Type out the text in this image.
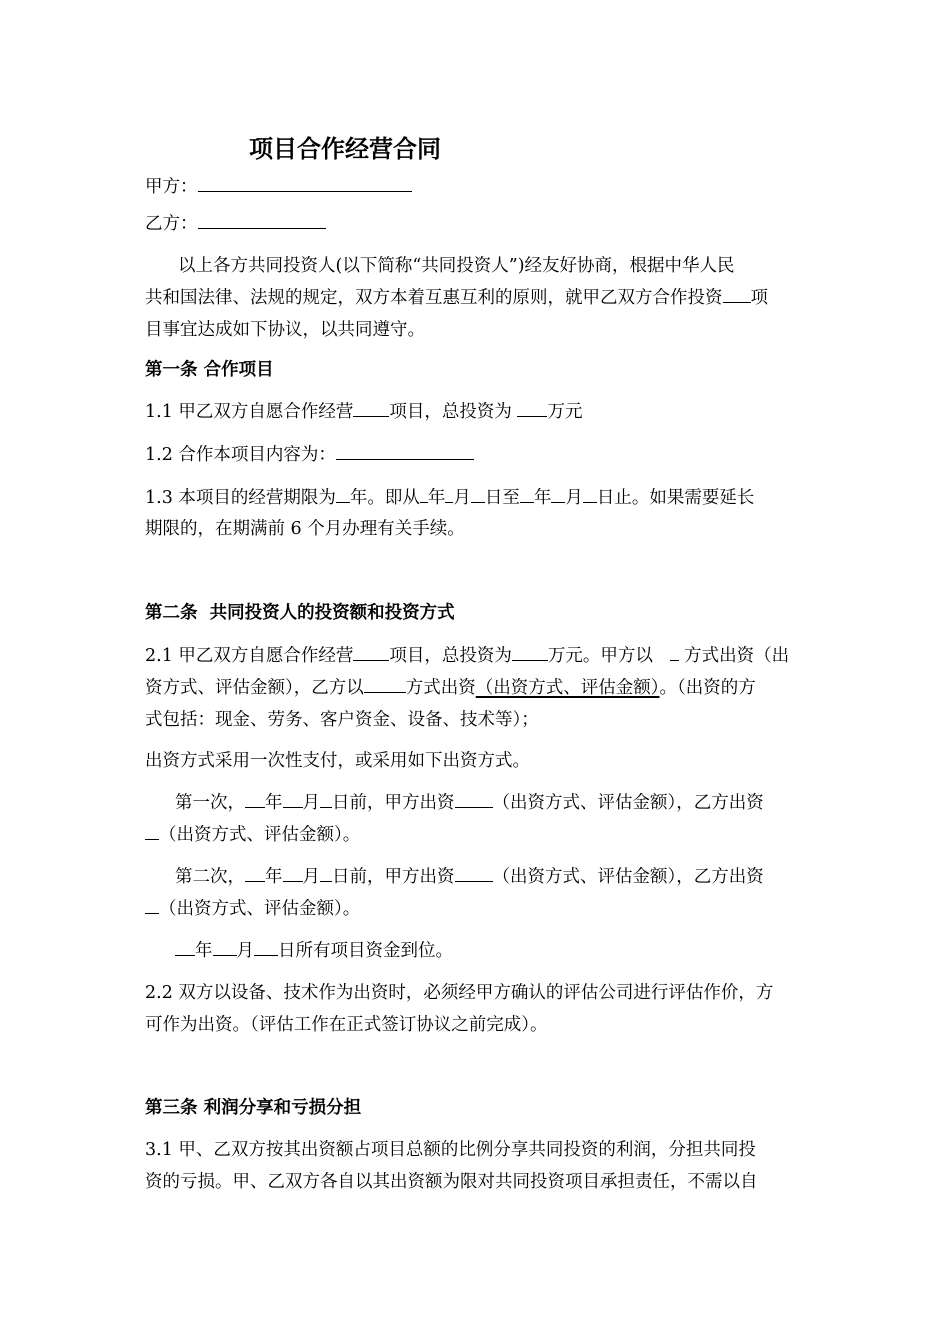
项目合作经营合同
甲方：
乙方：
以上各方共同投资人(以下简称“共同投资人”)经友好协商，根据中华人民
共和国法律、法规的规定，双方本着互惠互利的原则，就甲乙双方合作投资 项
目事宜达成如下协议，以共同遵守。
第一条 合作项目
1.1 甲乙双方自愿合作经营 项目，总投资为 万元
1.2 合作本项目内容为：
1.3 本项目的经营期限为 年。即从 年 月 日至 年 月 日止。如果需要延长
期限的，在期满前 6 个月办理有关手续。
第二条  共同投资人的投资额和投资方式
2.1 甲乙双方自愿合作经营 项目，总投资为 万元。甲方以    方式出资（出
资方式、评估金额），乙方以 方式出资（出资方式、评估金额）。（出资的方
式包括：现金、劳务、客户资金、设备、技术等）；
出资方式采用一次性支付，或采用如下出资方式。
第一次， 年 月 日前，甲方出资 （出资方式、评估金额），乙方出资
（出资方式、评估金额）。
第二次， 年 月 日前，甲方出资 （出资方式、评估金额），乙方出资
（出资方式、评估金额）。
年 月 日所有项目资金到位。
2.2 双方以设备、技术作为出资时，必须经甲方确认的评估公司进行评估作价，方
可作为出资。（评估工作在正式签订协议之前完成）。
第三条 利润分享和亏损分担
3.1 甲、乙双方按其出资额占项目总额的比例分享共同投资的利润，分担共同投
资的亏损。甲、乙双方各自以其出资额为限对共同投资项目承担责任，不需以自
